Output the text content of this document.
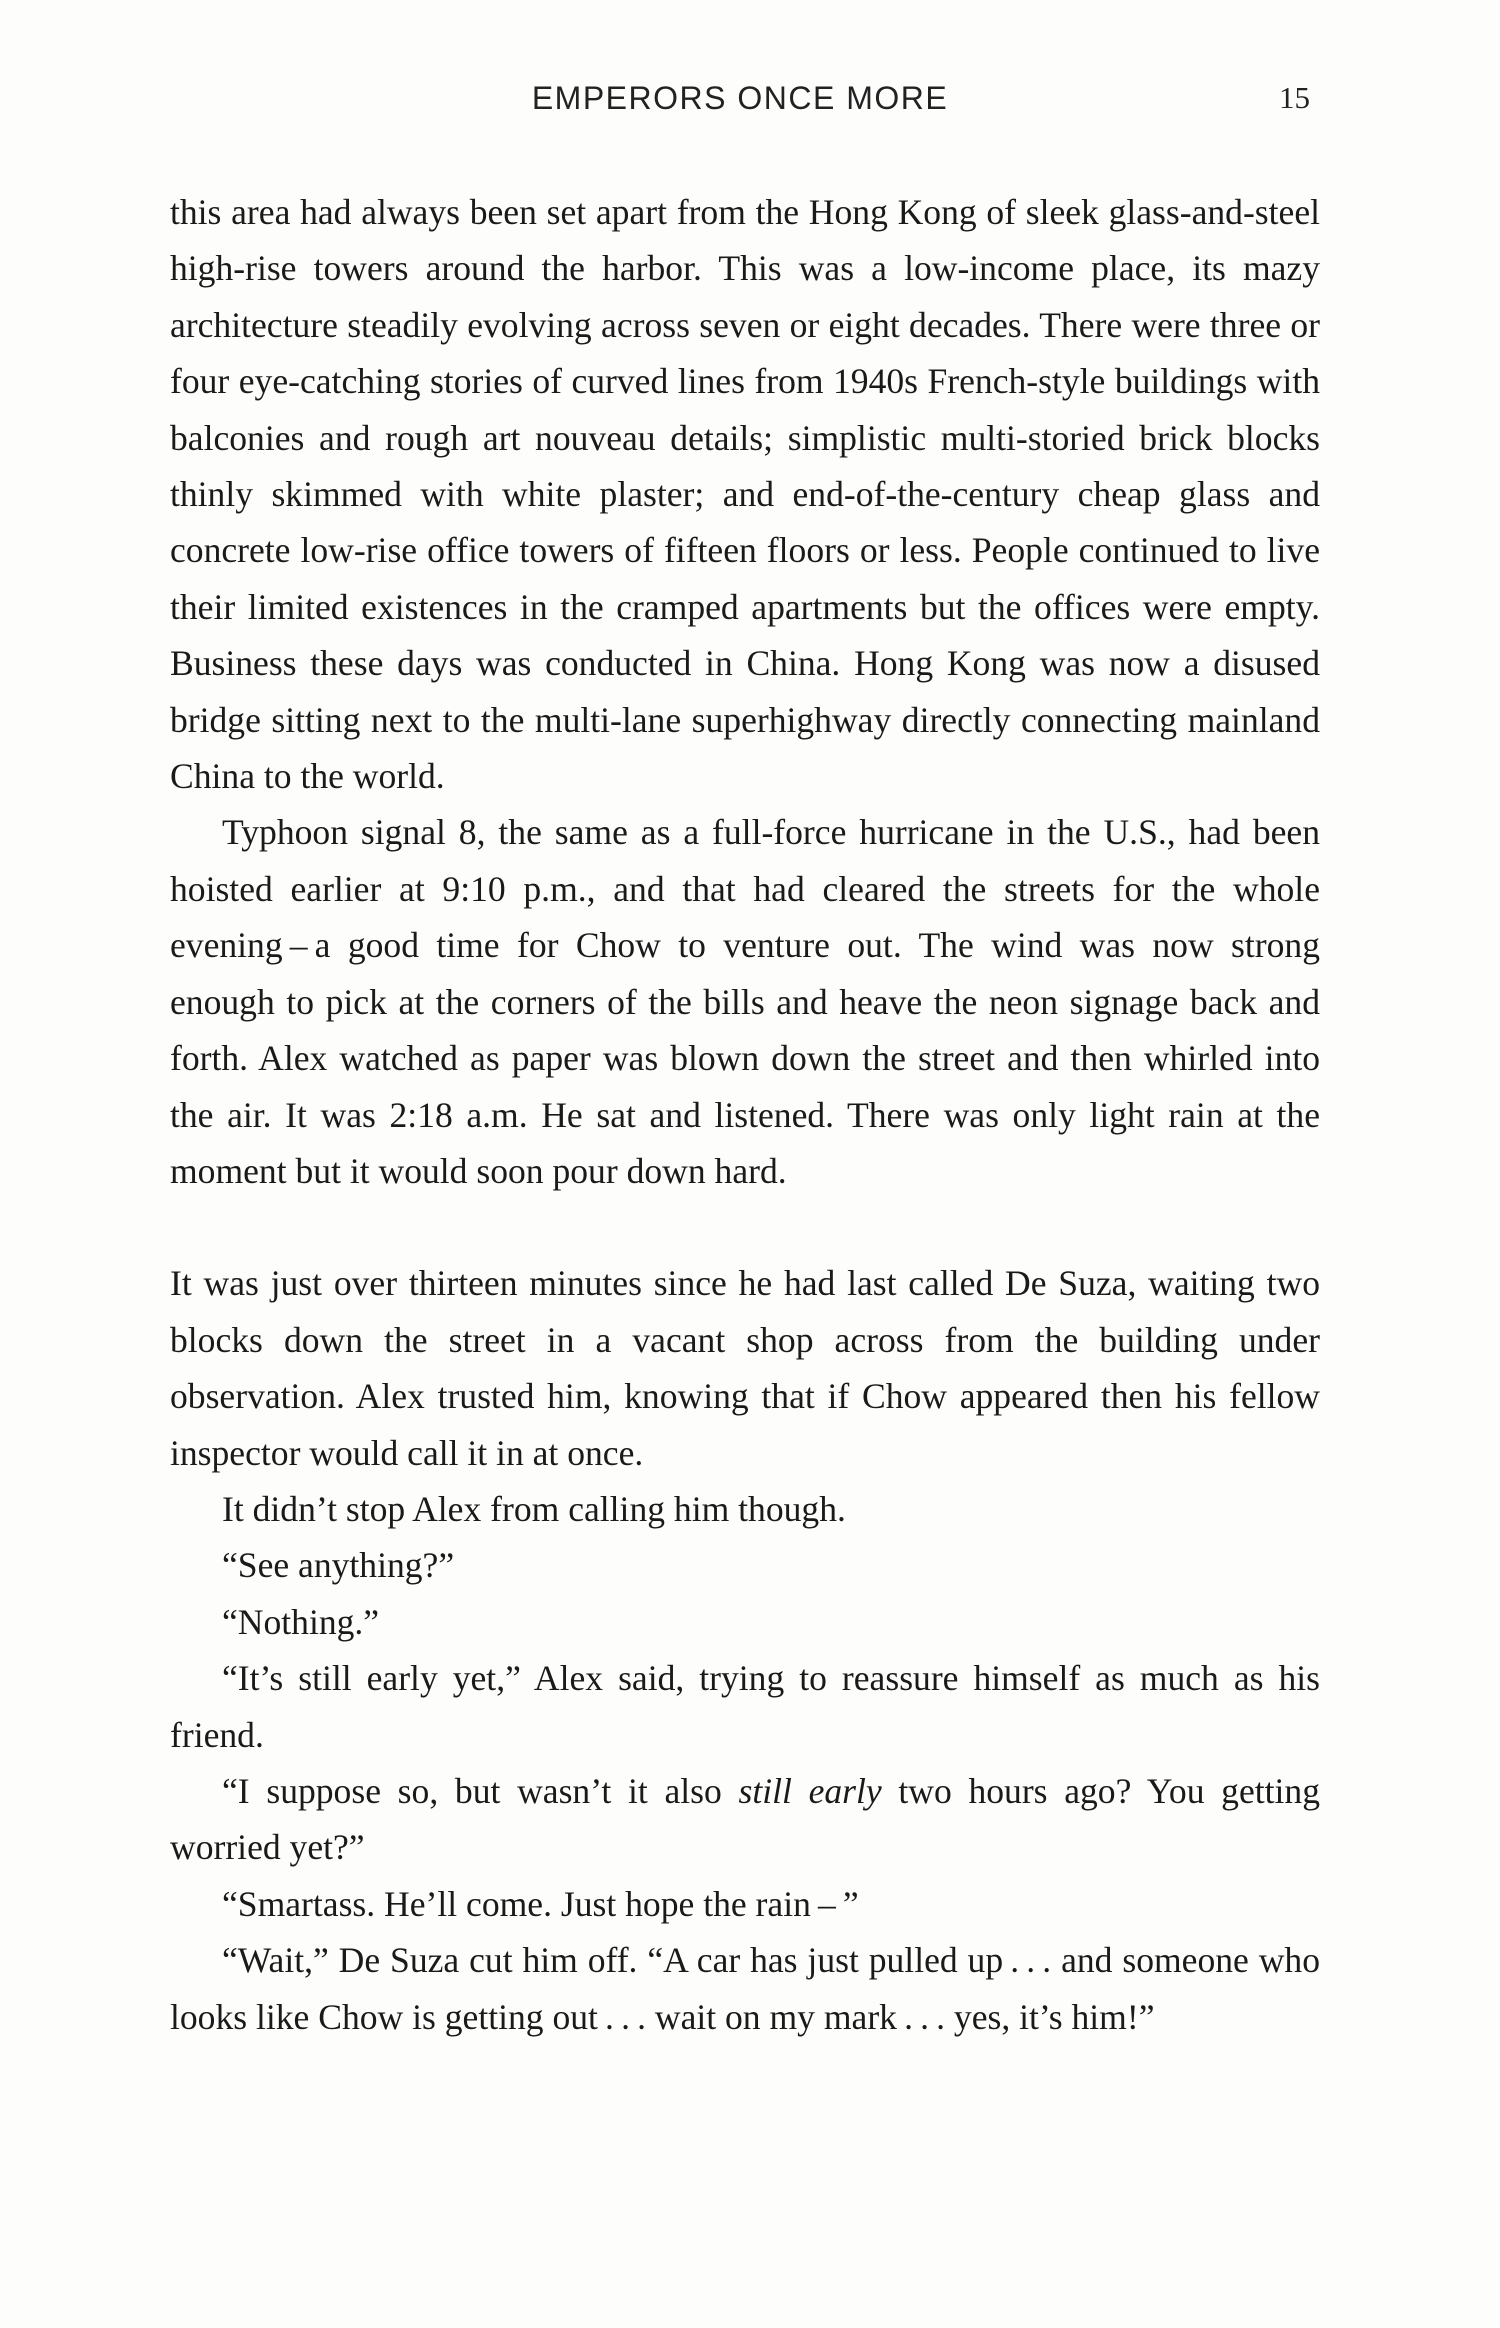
EMPERORS ONCE MORE	15

this area had always been set apart from the Hong Kong of sleek glass-and-steel high-rise towers around the harbor. This was a low-income place, its mazy architecture steadily evolving across seven or eight decades. There were three or four eye-catching stories of curved lines from 1940s French-style buildings with balconies and rough art nouveau details; simplistic multi-storied brick blocks thinly skimmed with white plaster; and end-of-the-century cheap glass and concrete low-rise office towers of fifteen floors or less. People continued to live their limited existences in the cramped apartments but the offices were empty. Business these days was conducted in China. Hong Kong was now a disused bridge sitting next to the multi-lane superhighway directly connecting mainland China to the world.

Typhoon signal 8, the same as a full-force hurricane in the U.S., had been hoisted earlier at 9:10 p.m., and that had cleared the streets for the whole evening – a good time for Chow to venture out. The wind was now strong enough to pick at the corners of the bills and heave the neon signage back and forth. Alex watched as paper was blown down the street and then whirled into the air. It was 2:18 a.m. He sat and listened. There was only light rain at the moment but it would soon pour down hard.

It was just over thirteen minutes since he had last called De Suza, waiting two blocks down the street in a vacant shop across from the building under observation. Alex trusted him, knowing that if Chow appeared then his fellow inspector would call it in at once.

It didn’t stop Alex from calling him though.

“See anything?”

“Nothing.”

“It’s still early yet,” Alex said, trying to reassure himself as much as his friend.

“I suppose so, but wasn’t it also still early two hours ago? You getting worried yet?”

“Smartass. He’ll come. Just hope the rain – ”

“Wait,” De Suza cut him off. “A car has just pulled up . . . and someone who looks like Chow is getting out . . . wait on my mark . . . yes, it’s him!”
